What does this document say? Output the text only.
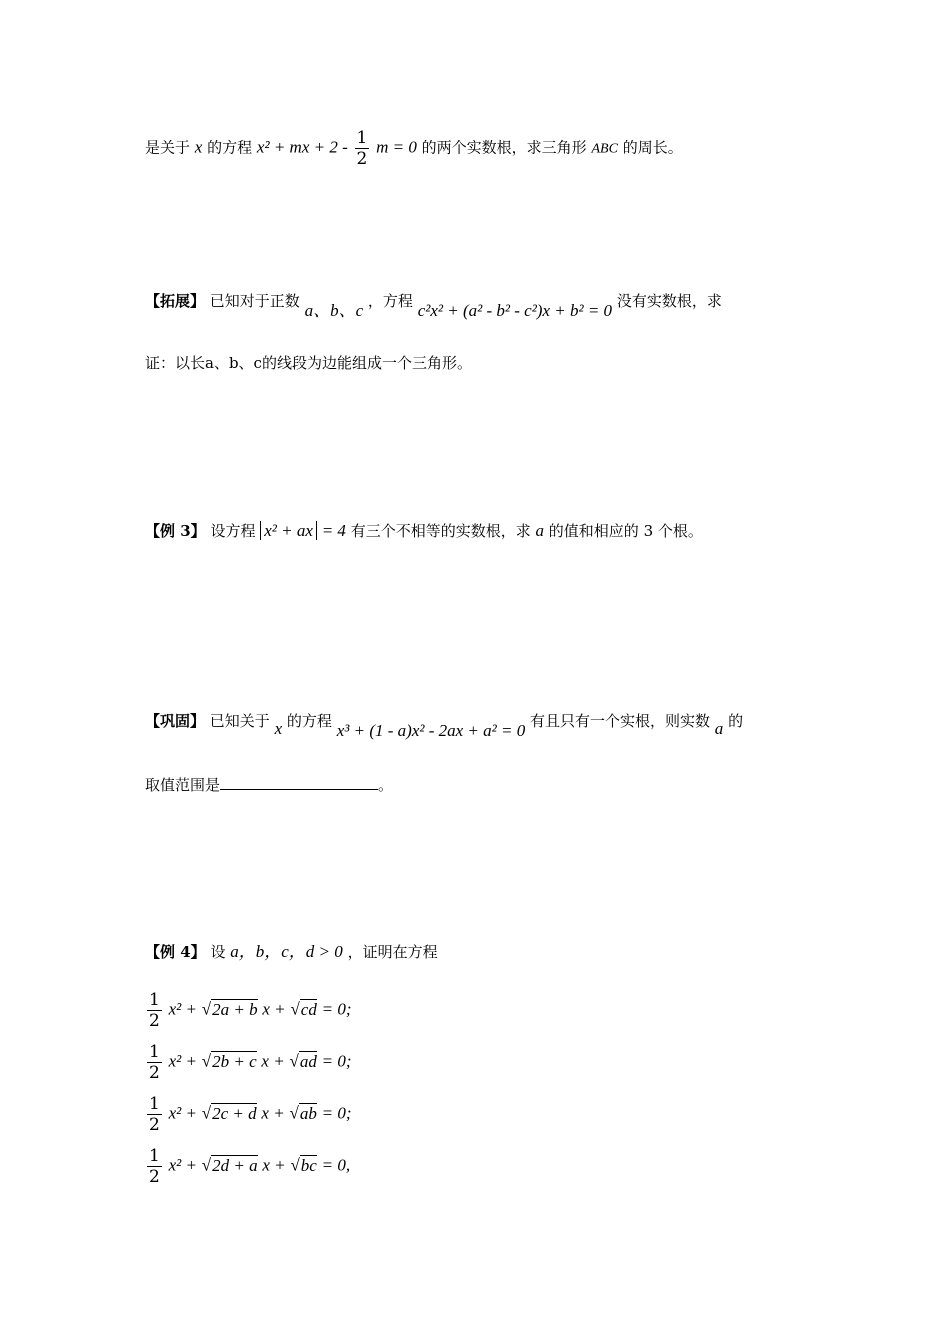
是关于 x 的方程 x² + mx + $2 - \frac{1}{2}$ m = 0 的两个实数根，求三角形 ABC 的周长。
【拓展】 已知对于正数 a、b、c ，方程 c²x² + (a² - b² - c²)x + b² = 0 没有实数根，求
证：以长a、b、c的线段为边能组成一个三角形。
【例 3】 设方程 x² + ax = 4 有三个不相等的实数根，求 a 的值和相应的 3 个根。
【巩固】 已知关于 x 的方程 x³ + (1 - a)x² - 2ax + a² = 0 有且只有一个实根，则实数 a 的
取值范围是	。
【例 4】 设 a，b，c，d > 0 ，证明在方程
$\frac{1}{2} x^2 + √2a + b$ x + √cd = 0;
$\frac{1}{2} x^2 + √2b + c$ x + √ad = 0;
$\frac{1}{2} x^2 + √2c + d$ x + √ab = 0;
$\frac{1}{2} x^2 + √2d + a$ x + √bc = 0,
